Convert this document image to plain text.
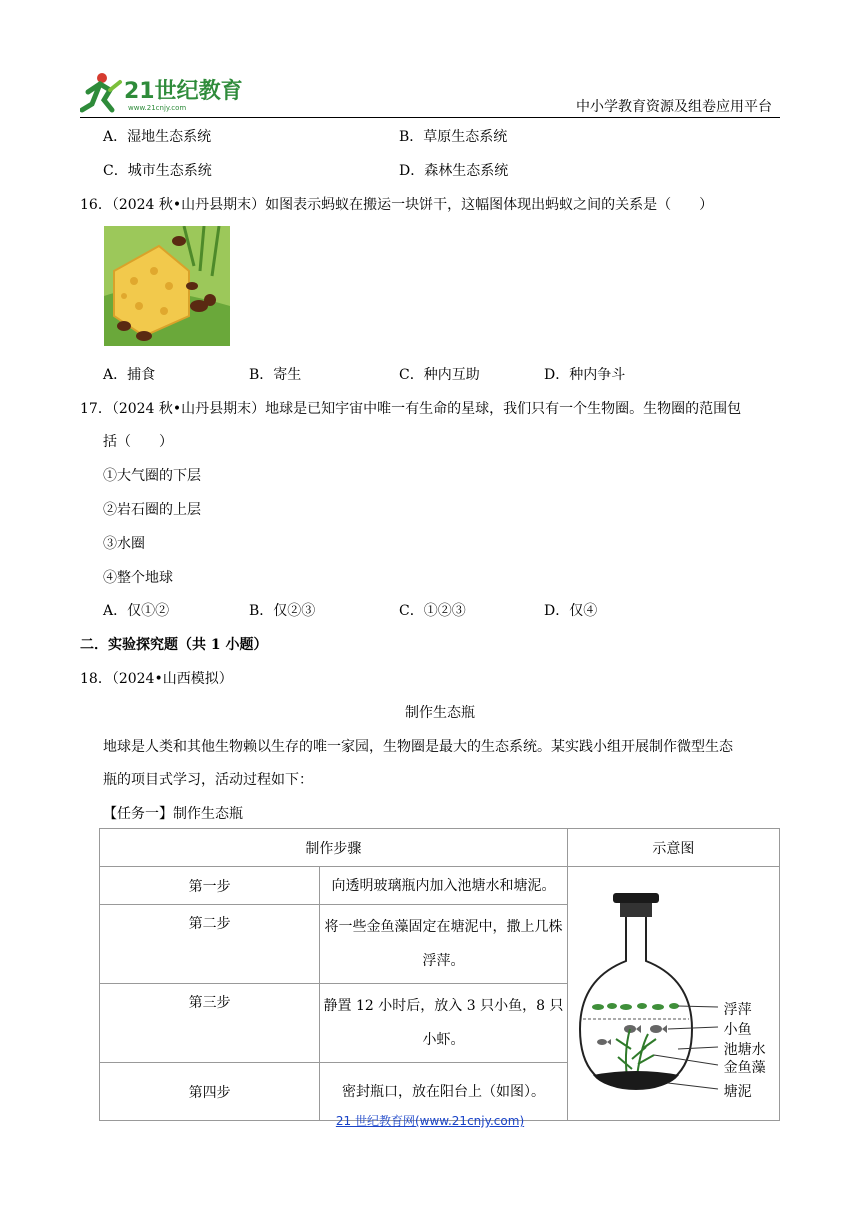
21世纪教育
www.21cnjy.com	中小学教育资源及组卷应用平台
A．湿地生态系统	B．草原生态系统
C．城市生态系统	D．森林生态系统
16．（2024 秋•山丹县期末）如图表示蚂蚁在搬运一块饼干，这幅图体现出蚂蚁之间的关系是（　　）
A．捕食	B．寄生	C．种内互助	D．种内争斗
17．（2024 秋•山丹县期末）地球是已知宇宙中唯一有生命的星球，我们只有一个生物圈。生物圈的范围包
括（　　）
①大气圈的下层
②岩石圈的上层
③水圈
④整个地球
A．仅①②	B．仅②③	C．①②③	D．仅④
二．实验探究题（共 1 小题）
18．（2024•山西模拟）
制作生态瓶
地球是人类和其他生物赖以生存的唯一家园，生物圈是最大的生态系统。某实践小组开展制作微型生态
瓶的项目式学习，活动过程如下：
【任务一】制作生态瓶
制作步骤		示意图
第一步	向透明玻璃瓶内加入池塘水和塘泥。	浮萍
小鱼
池塘水
金鱼藻
塘泥

第二步	将一些金鱼藻固定在塘泥中，撒上几株浮萍。	
第三步	静置 12 小时后，放入 3 只小鱼，8 只小虾。	
第四步	密封瓶口，放在阳台上（如图）。	
21 世纪教育网(www.21cnjy.com)
